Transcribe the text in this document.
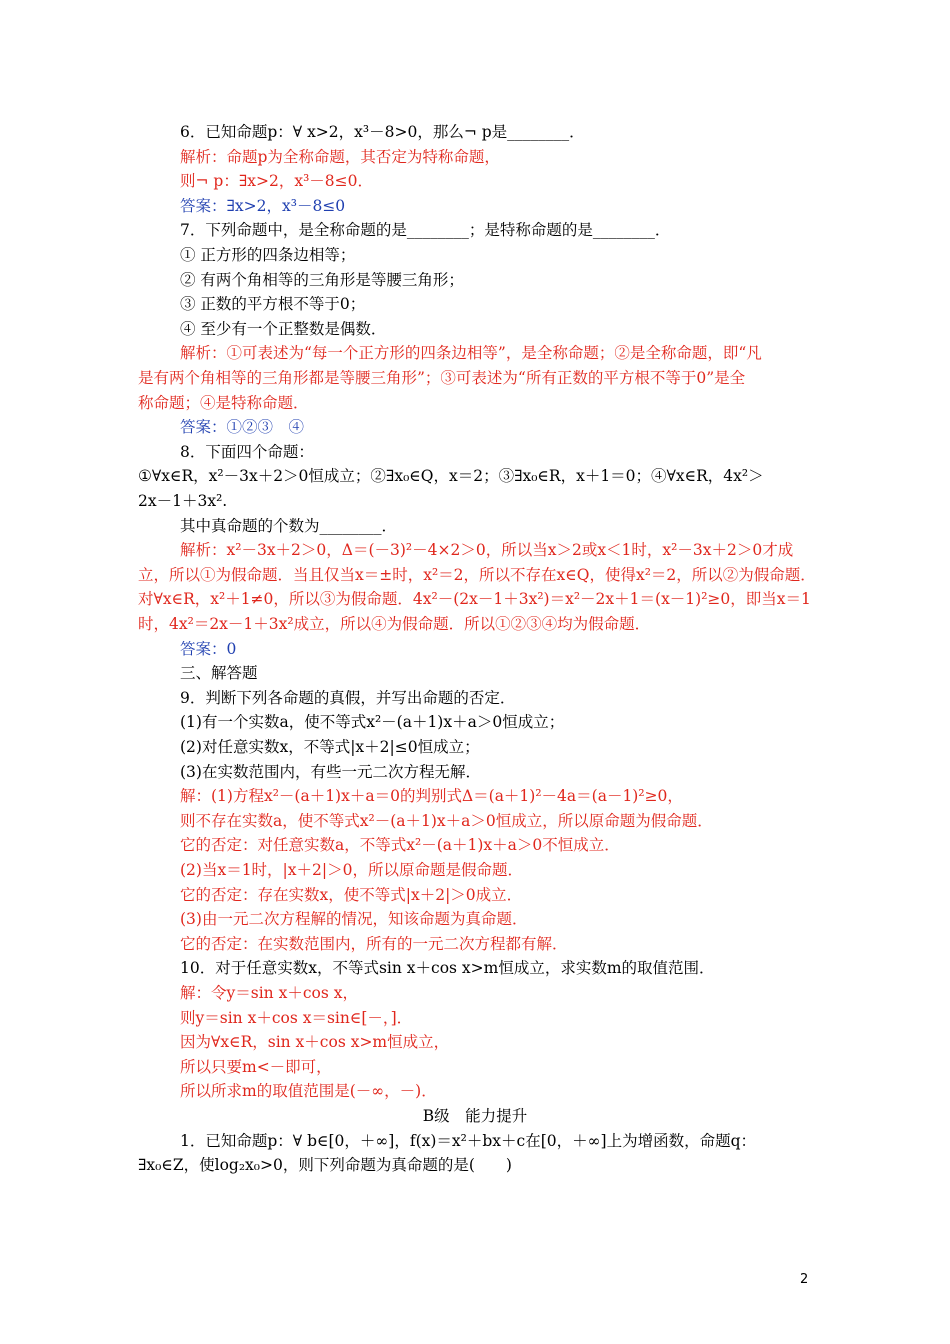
6．已知命题p：∀ x>2，x³－8>0，那么¬ p是________．
解析：命题p为全称命题，其否定为特称命题，
则¬ p：∃x>2，x³－8≤0．
答案：∃x>2，x³－8≤0
7．下列命题中，是全称命题的是________；是特称命题的是________．
① 正方形的四条边相等；
② 有两个角相等的三角形是等腰三角形；
③ 正数的平方根不等于0；
④ 至少有一个正整数是偶数．
解析：①可表述为“每一个正方形的四条边相等”，是全称命题；②是全称命题，即“凡
是有两个角相等的三角形都是等腰三角形”；③可表述为“所有正数的平方根不等于0”是全
称命题；④是特称命题．
答案：①②③　④
8．下面四个命题：
①∀x∈R，x²－3x＋2＞0恒成立；②∃x₀∈Q，x＝2；③∃x₀∈R，x＋1＝0；④∀x∈R，4x²＞
2x－1＋3x².
其中真命题的个数为________．
解析：x²－3x＋2＞0，Δ＝(－3)²－4×2＞0，所以当x＞2或x＜1时，x²－3x＋2＞0才成
立，所以①为假命题．当且仅当x＝±时，x²＝2，所以不存在x∈Q，使得x²＝2，所以②为假命题．
对∀x∈R，x²＋1≠0，所以③为假命题．4x²－(2x－1＋3x²)＝x²－2x＋1＝(x－1)²≥0，即当x＝1
时，4x²＝2x－1＋3x²成立，所以④为假命题．所以①②③④均为假命题．
答案：0
三、解答题
9．判断下列各命题的真假，并写出命题的否定．
(1)有一个实数a，使不等式x²－(a＋1)x＋a＞0恒成立；
(2)对任意实数x，不等式|x＋2|≤0恒成立；
(3)在实数范围内，有些一元二次方程无解．
解：(1)方程x²－(a＋1)x＋a＝0的判别式Δ＝(a＋1)²－4a＝(a－1)²≥0，
则不存在实数a，使不等式x²－(a＋1)x＋a＞0恒成立，所以原命题为假命题．
它的否定：对任意实数a，不等式x²－(a＋1)x＋a＞0不恒成立．
(2)当x＝1时，|x＋2|＞0，所以原命题是假命题．
它的否定：存在实数x，使不等式|x＋2|＞0成立．
(3)由一元二次方程解的情况，知该命题为真命题．
它的否定：在实数范围内，所有的一元二次方程都有解．
10．对于任意实数x，不等式sin x＋cos x>m恒成立，求实数m的取值范围．
解：令y＝sin x＋cos x，
则y＝sin x＋cos x＝sin∈[－，]．
因为∀x∈R，sin x＋cos x>m恒成立，
所以只要m<－即可，
所以所求m的取值范围是(－∞，－)．
B级　能力提升
1．已知命题p：∀ b∈[0，＋∞]，f(x)＝x²＋bx＋c在[0，＋∞]上为增函数，命题q：
∃x₀∈Z，使log₂x₀>0，则下列命题为真命题的是(　　)
2
